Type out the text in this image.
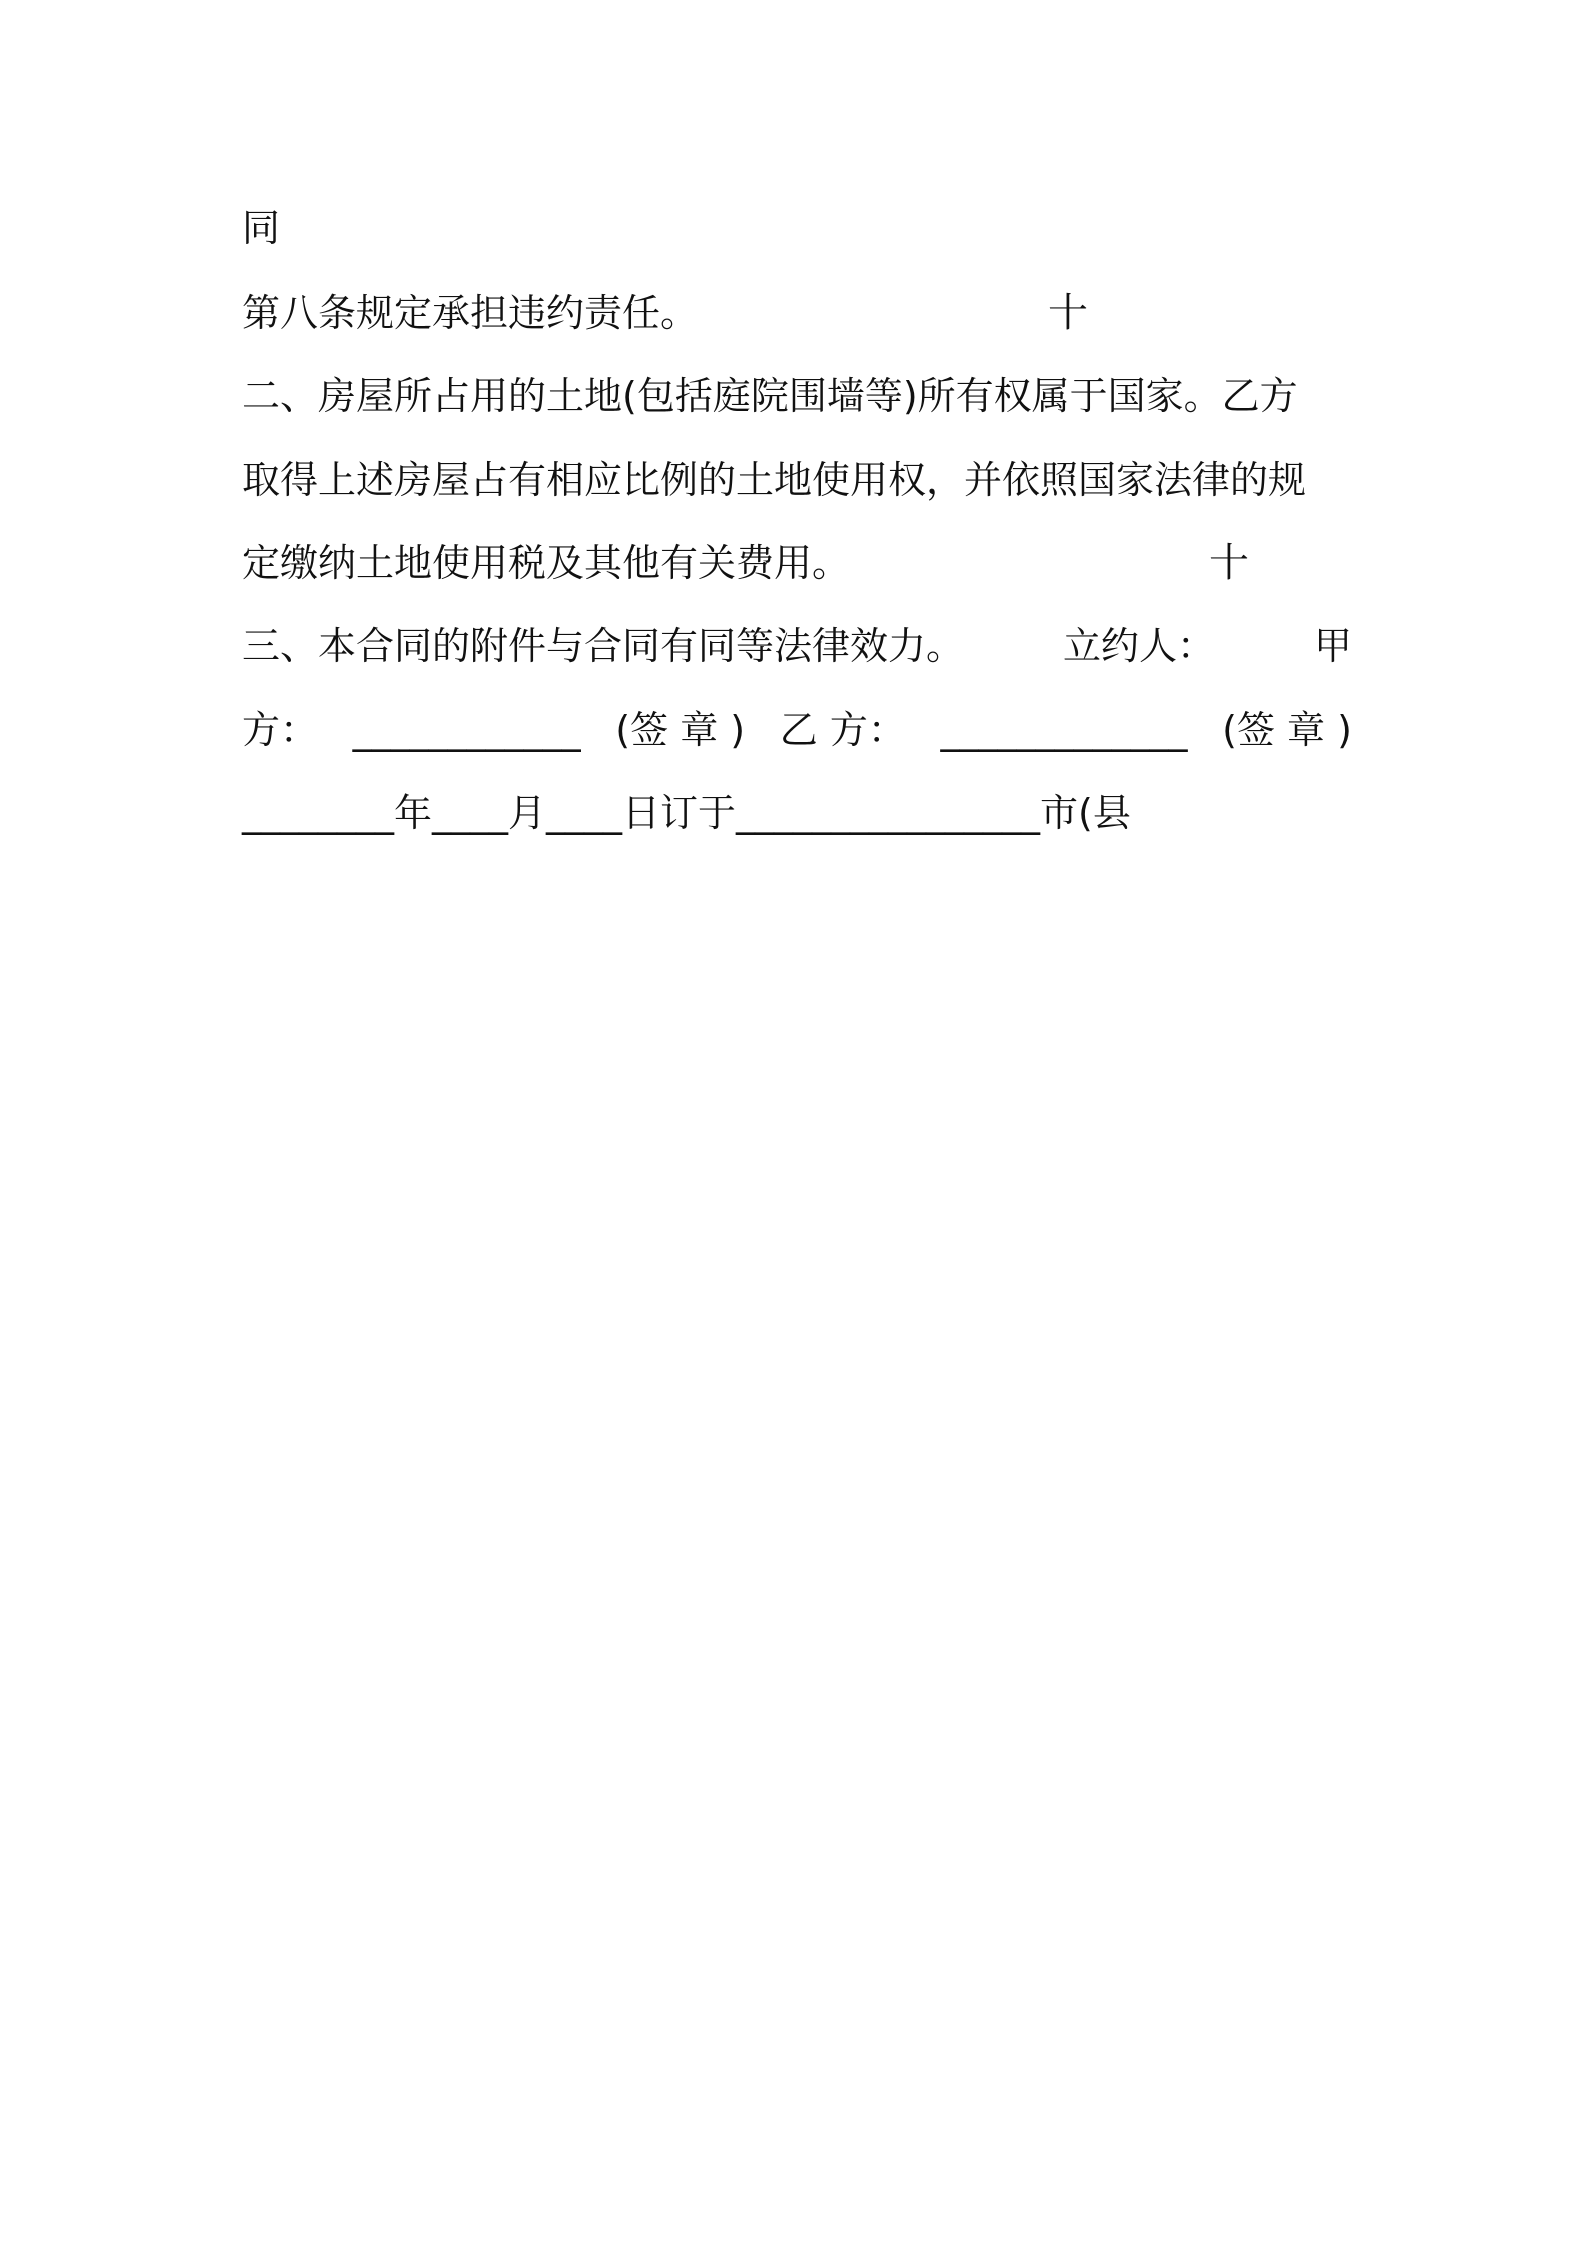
同
第八条规定承担违约责任。	十
二、房屋所占用的土地(包括庭院围墙等)所有权属于国家。乙方
取得上述房屋占有相应比例的土地使用权，并依照国家法律的规
定缴纳土地使用税及其他有关费用。	十
三、本合同的附件与合同有同等法律效力。	立约人：	甲
方： ____________ (签 章 ) 乙 方： _____________ (签 章 )
________年____月____日订于________________市(县
